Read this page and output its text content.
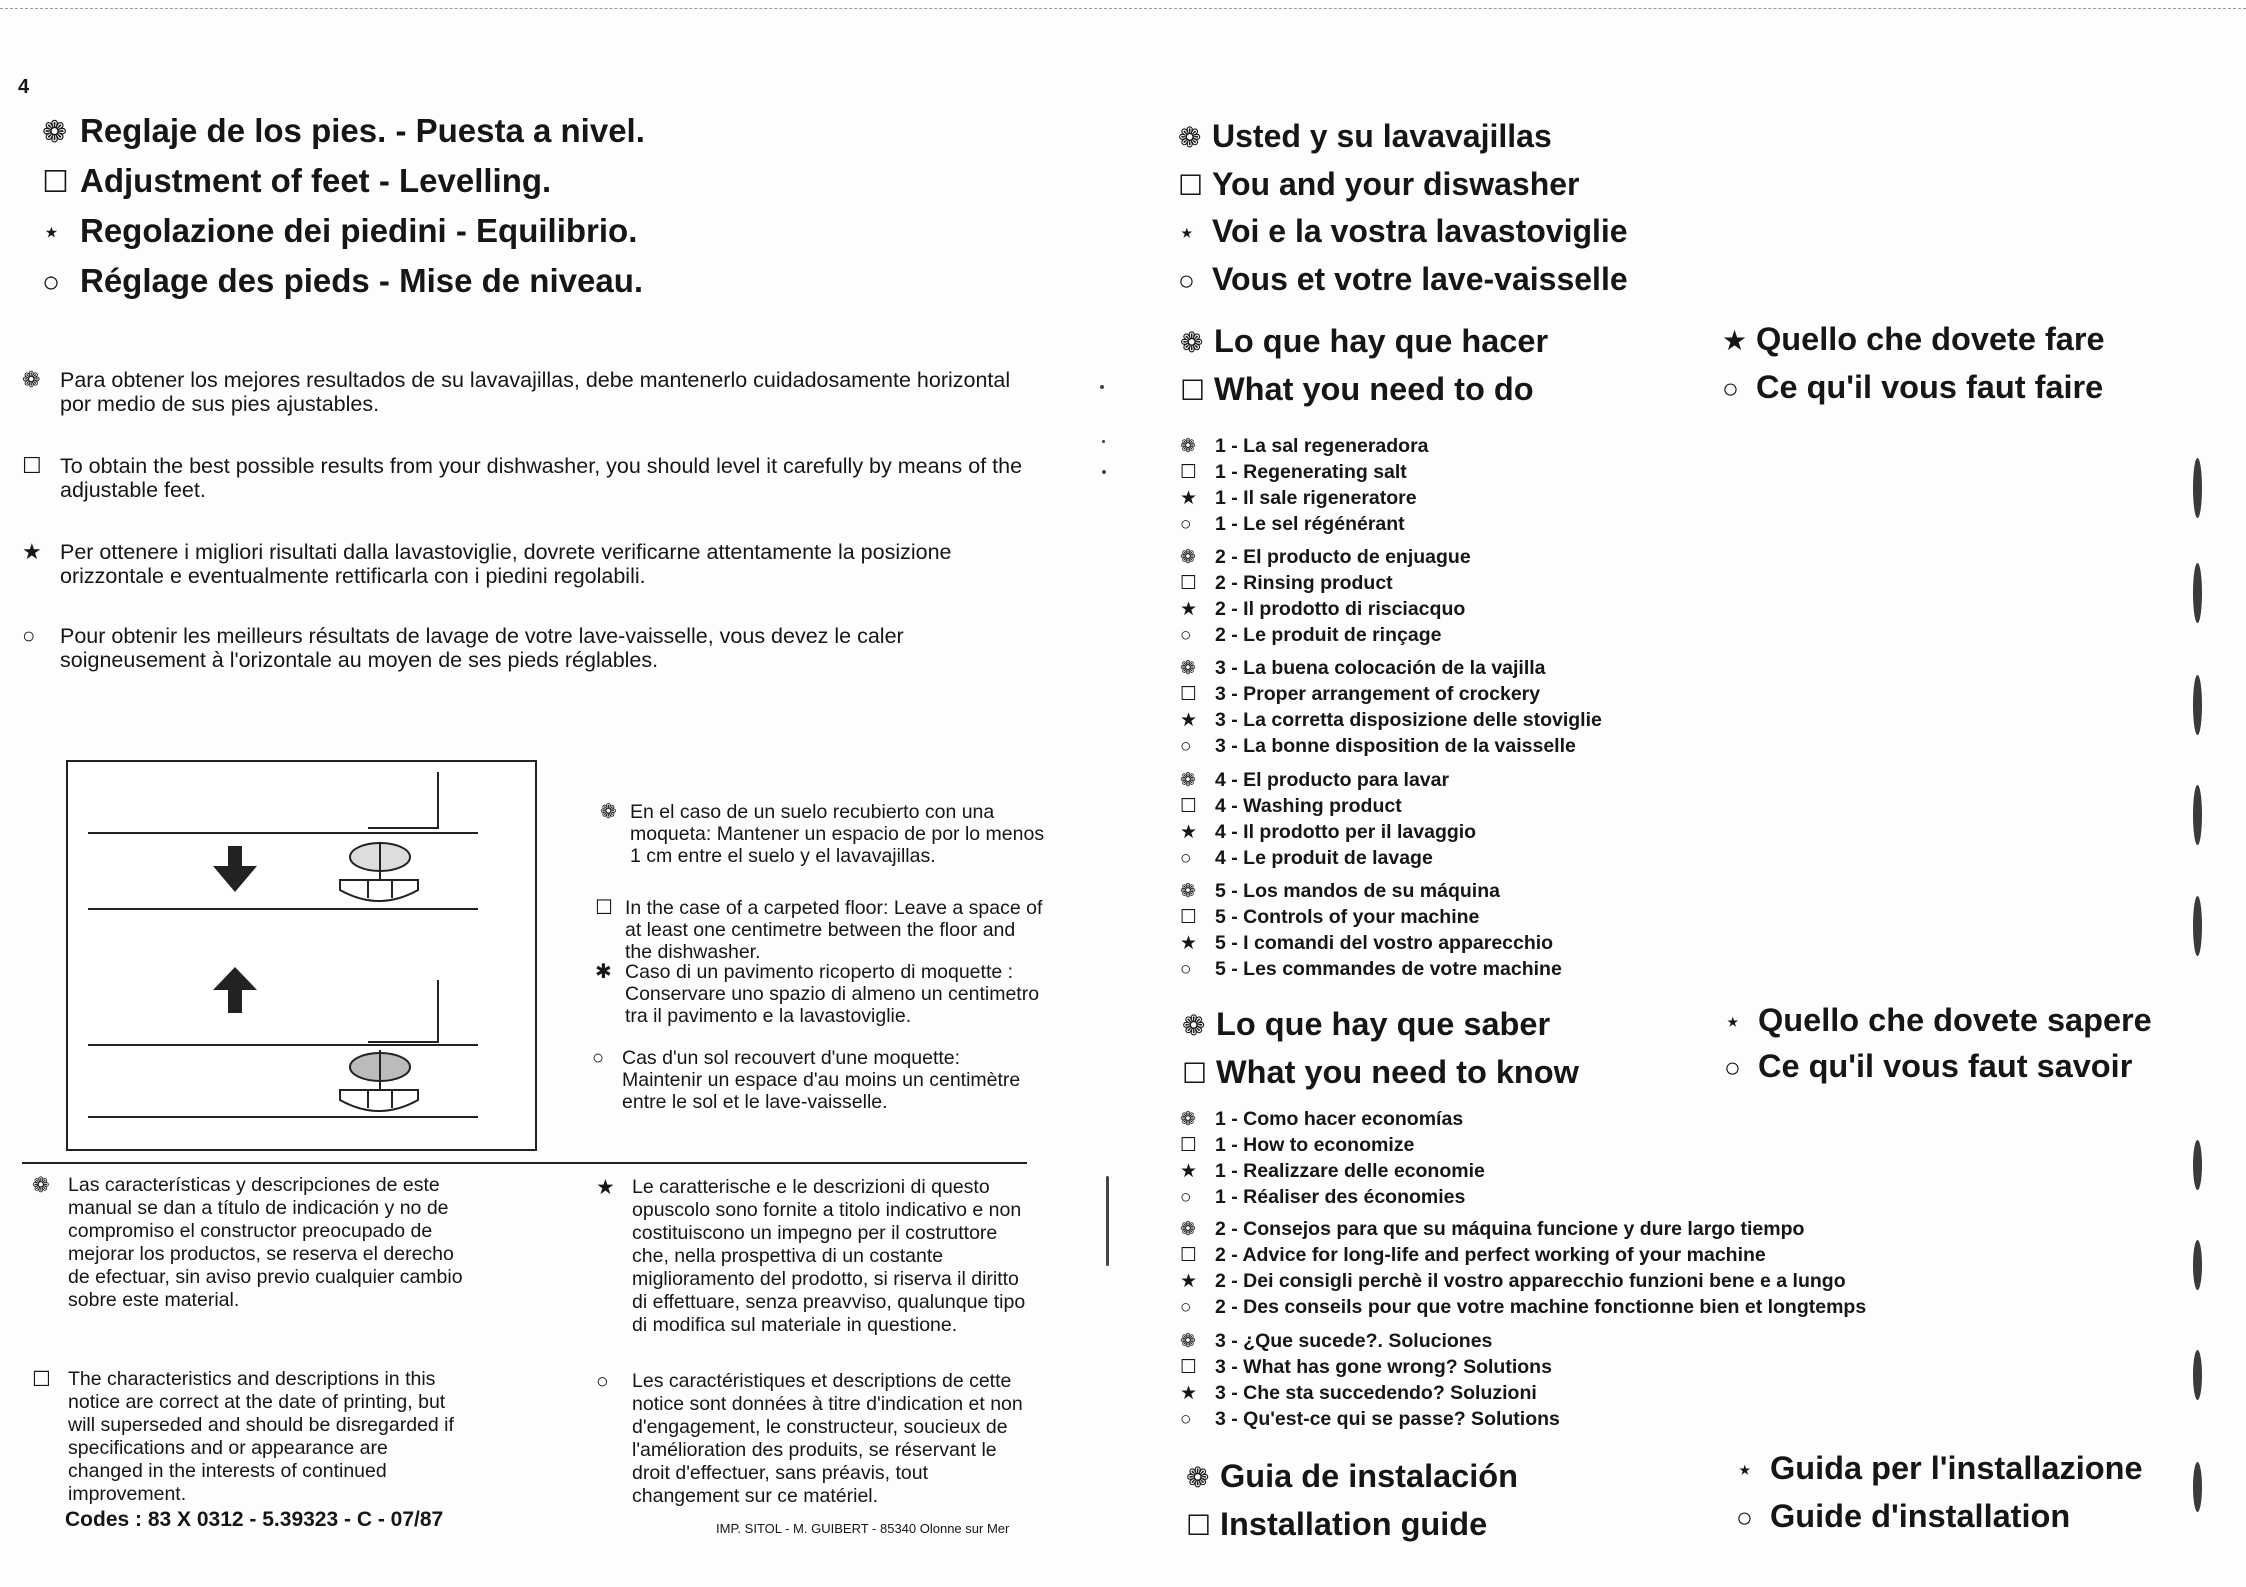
4
❁ Reglaje de los pies. - Puesta a nivel.
☐ Adjustment of feet - Levelling.
⋆ Regolazione dei piedini - Equilibrio.
○ Réglage des pieds - Mise de niveau.
❁ Para obtener los mejores resultados de su lavavajillas, debe mantenerlo cuidadosamente horizontal por medio de sus pies ajustables.
☐ To obtain the best possible results from your dishwasher, you should level it carefully by means of the adjustable feet.
★ Per ottenere i migliori risultati dalla lavastoviglie, dovrete verificarne attentamente la posizione orizzontale e eventualmente rettificarla con i piedini regolabili.
○ Pour obtenir les meilleurs résultats de lavage de votre lave-vaisselle, vous devez le caler soigneusement à l'orizontale au moyen de ses pieds réglables.
❁ En el caso de un suelo recubierto con una moqueta: Mantener un espacio de por lo menos 1 cm entre el suelo y el lavavajillas.
☐ In the case of a carpeted floor: Leave a space of at least one centimetre between the floor and the dishwasher.
✱ Caso di un pavimento ricoperto di moquette : Conservare uno spazio di almeno un centimetro tra il pavimento e la lavastoviglie.
○ Cas d'un sol recouvert d'une moquette: Maintenir un espace d'au moins un centimètre entre le sol et le lave-vaisselle.
❁ Las características y descripciones de este manual se dan a título de indicación y no de compromiso el constructor preocupado de mejorar los productos, se reserva el derecho de efectuar, sin aviso previo cualquier cambio sobre este material.
☐ The characteristics and descriptions in this notice are correct at the date of printing, but will superseded and should be disregarded if specifications and or appearance are changed in the interests of continued improvement.
★ Le caratterische e le descrizioni di questo opuscolo sono fornite a titolo indicativo e non costituiscono un impegno per il costruttore che, nella prospettiva di un costante miglioramento del prodotto, si riserva il diritto di effettuare, senza preavviso, qualunque tipo di modifica sul materiale in questione.
○ Les caractéristiques et descriptions de cette notice sont données à titre d'indication et non d'engagement, le constructeur, soucieux de l'amélioration des produits, se réservant le droit d'effectuer, sans préavis, tout changement sur ce matériel.
Codes : 83 X 0312 - 5.39323 - C - 07/87	IMP. SITOL - M. GUIBERT - 85340 Olonne sur Mer
❁ Usted y su lavavajillas
☐ You and your diswasher
⋆ Voi e la vostra lavastoviglie
○ Vous et votre lave-vaisselle
❁ Lo que hay que hacer
☐ What you need to do
★ Quello che dovete fare
○ Ce qu'il vous faut faire
❁ 1 - La sal regeneradora
☐ 1 - Regenerating salt
★ 1 - Il sale rigeneratore
○ 1 - Le sel régénérant
❁ 2 - El producto de enjuague
☐ 2 - Rinsing product
★ 2 - Il prodotto di risciacquo
○ 2 - Le produit de rinçage
❁ 3 - La buena colocación de la vajilla
☐ 3 - Proper arrangement of crockery
★ 3 - La corretta disposizione delle stoviglie
○ 3 - La bonne disposition de la vaisselle
❁ 4 - El producto para lavar
☐ 4 - Washing product
★ 4 - Il prodotto per il lavaggio
○ 4 - Le produit de lavage
❁ 5 - Los mandos de su máquina
☐ 5 - Controls of your machine
★ 5 - I comandi del vostro apparecchio
○ 5 - Les commandes de votre machine
❁ Lo que hay que saber
☐ What you need to know
⋆ Quello che dovete sapere
○ Ce qu'il vous faut savoir
❁ 1 - Como hacer economías
☐ 1 - How to economize
★ 1 - Realizzare delle economie
○ 1 - Réaliser des économies
❁ 2 - Consejos para que su máquina funcione y dure largo tiempo
☐ 2 - Advice for long-life and perfect working of your machine
★ 2 - Dei consigli perchè il vostro apparecchio funzioni bene e a lungo
○ 2 - Des conseils pour que votre machine fonctionne bien et longtemps
❁ 3 - ¿Que sucede?. Soluciones
☐ 3 - What has gone wrong? Solutions
★ 3 - Che sta succedendo? Soluzioni
○ 3 - Qu'est-ce qui se passe? Solutions
❁ Guia de instalación
☐ Installation guide
⋆ Guida per l'installazione
○ Guide d'installation
